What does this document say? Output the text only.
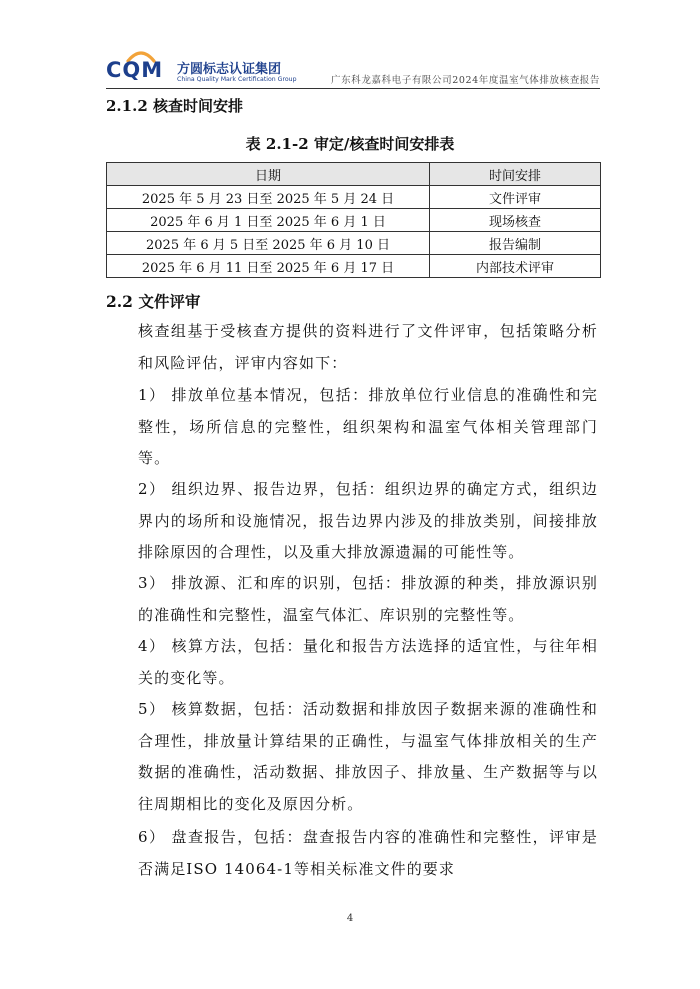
CQM 方圆标志认证集团
China Quality Mark Certification Group	广东科龙嘉科电子有限公司2024年度温室气体排放核查报告
2.1.2 核查时间安排
表 2.1-2 审定/核查时间安排表
日期	时间安排
2025 年 5 月 23 日至 2025 年 5 月 24 日	文件评审
2025 年 6 月 1 日至 2025 年 6 月 1 日	现场核查
2025 年 6 月 5 日至 2025 年 6 月 10 日	报告编制
2025 年 6 月 11 日至 2025 年 6 月 17 日	内部技术评审
2.2 文件评审
核查组基于受核查方提供的资料进行了文件评审，包括策略分析和风险评估，评审内容如下：
1） 排放单位基本情况，包括：排放单位行业信息的准确性和完整性，场所信息的完整性，组织架构和温室气体相关管理部门等。
2） 组织边界、报告边界，包括：组织边界的确定方式，组织边界内的场所和设施情况，报告边界内涉及的排放类别，间接排放排除原因的合理性，以及重大排放源遗漏的可能性等。
3） 排放源、汇和库的识别，包括：排放源的种类，排放源识别的准确性和完整性，温室气体汇、库识别的完整性等。
4） 核算方法，包括：量化和报告方法选择的适宜性，与往年相关的变化等。
5） 核算数据，包括：活动数据和排放因子数据来源的准确性和合理性，排放量计算结果的正确性，与温室气体排放相关的生产数据的准确性，活动数据、排放因子、排放量、生产数据等与以往周期相比的变化及原因分析。
6） 盘查报告，包括：盘查报告内容的准确性和完整性，评审是否满足ISO 14064-1等相关标准文件的要求
4
